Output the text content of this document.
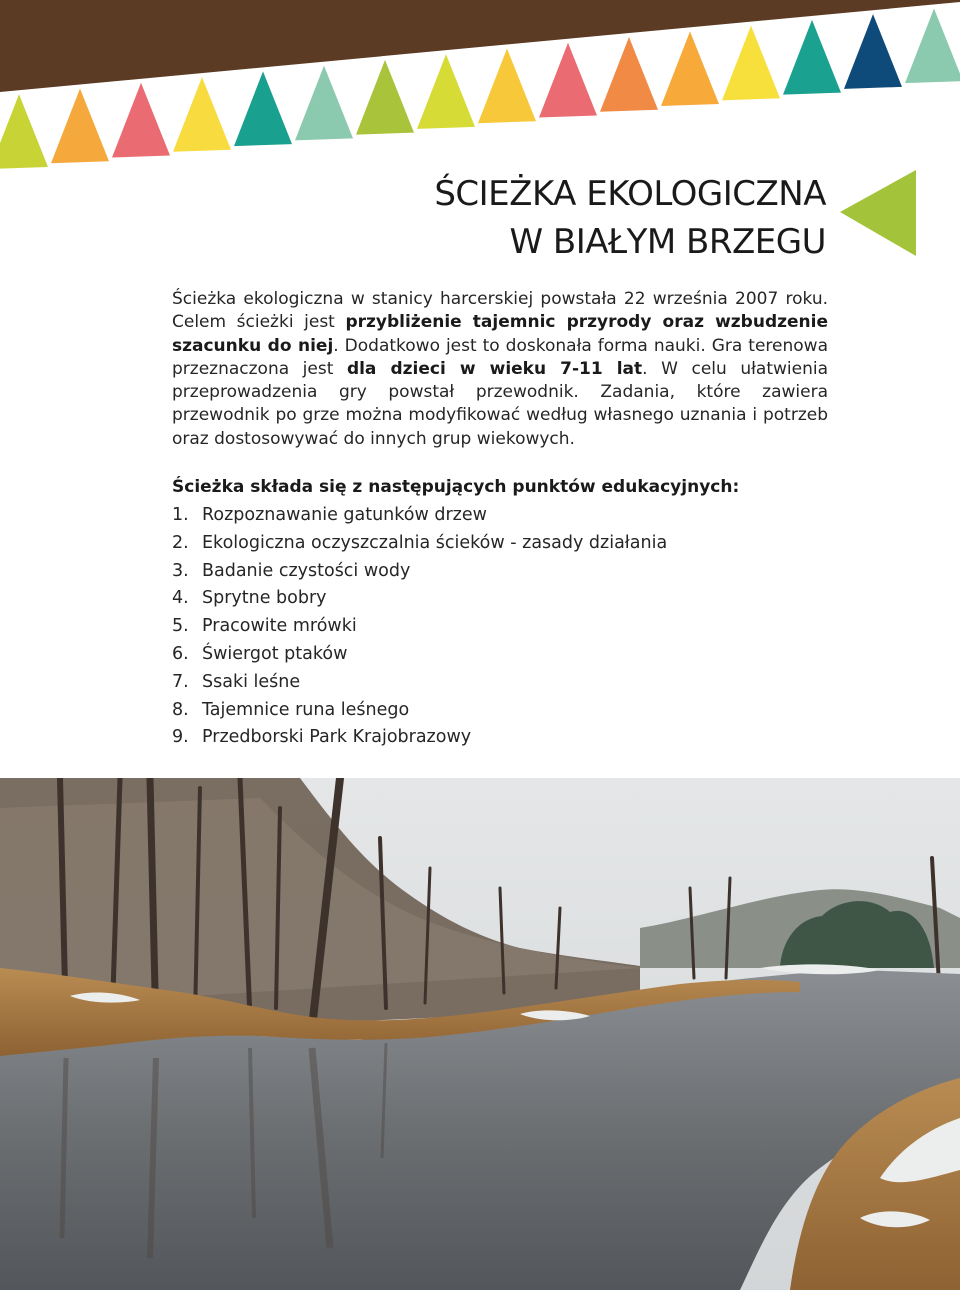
ŚCIEŻKA EKOLOGICZNA
W BIAŁYM BRZEGU

Ścieżka ekologiczna w stanicy harcerskiej powstała 22 września 2007 roku. Celem ścieżki jest przybliżenie tajemnic przyrody oraz wzbudzenie szacunku do niej. Dodatkowo jest to doskonała forma nauki. Gra terenowa przeznaczona jest dla dzieci w wieku 7-11 lat. W celu ułatwienia przeprowadzenia gry powstał przewodnik. Zadania, które zawiera przewodnik po grze można modyfikować według własnego uznania i potrzeb oraz dostosowywać do innych grup wiekowych.

Ścieżka składa się z następujących punktów edukacyjnych:
1. Rozpoznawanie gatunków drzew
2. Ekologiczna oczyszczalnia ścieków - zasady działania
3. Badanie czystości wody
4. Sprytne bobry
5. Pracowite mrówki
6. Świergot ptaków
7. Ssaki leśne
8. Tajemnice runa leśnego
9. Przedborski Park Krajobrazowy
